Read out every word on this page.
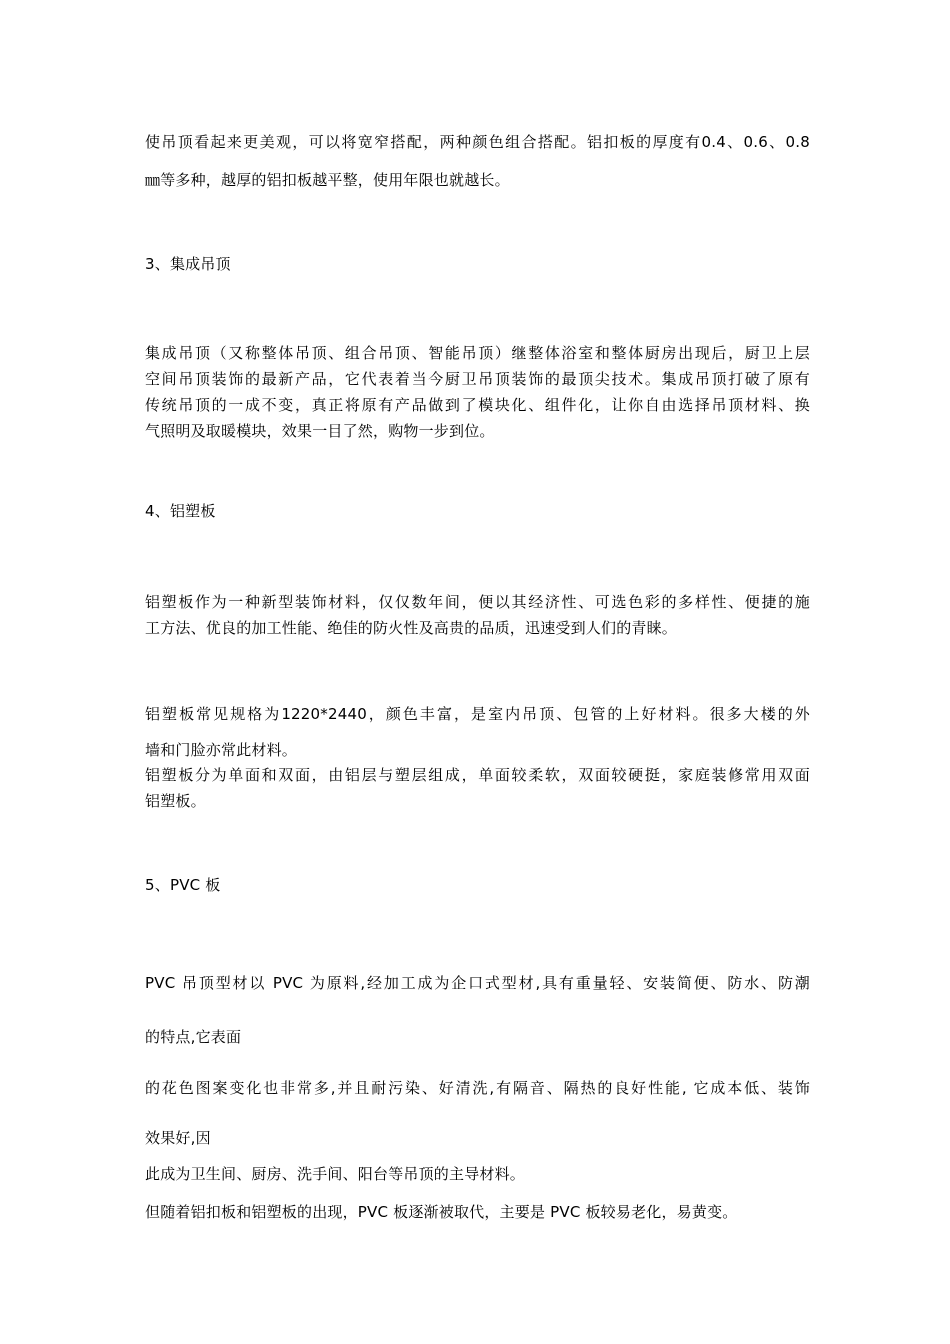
使吊顶看起来更美观，可以将宽窄搭配，两种颜色组合搭配。铝扣板的厚度有0.4、0.6、0.8
㎜等多种，越厚的铝扣板越平整，使用年限也就越长。
3、集成吊顶
集成吊顶（又称整体吊顶、组合吊顶、智能吊顶）继整体浴室和整体厨房出现后，厨卫上层
空间吊顶装饰的最新产品，它代表着当今厨卫吊顶装饰的最顶尖技术。集成吊顶打破了原有
传统吊顶的一成不变，真正将原有产品做到了模块化、组件化，让你自由选择吊顶材料、换
气照明及取暖模块，效果一目了然，购物一步到位。
4、铝塑板
铝塑板作为一种新型装饰材料，仅仅数年间，便以其经济性、可选色彩的多样性、便捷的施
工方法、优良的加工性能、绝佳的防火性及高贵的品质，迅速受到人们的青睐。
铝塑板常见规格为1220*2440，颜色丰富，是室内吊顶、包管的上好材料。很多大楼的外
墙和门脸亦常此材料。
铝塑板分为单面和双面，由铝层与塑层组成，单面较柔软，双面较硬挺，家庭装修常用双面
铝塑板。
5、PVC 板
PVC 吊顶型材以 PVC 为原料,经加工成为企口式型材,具有重量轻、安装简便、防水、防潮
的特点,它表面
的花色图案变化也非常多,并且耐污染、好清洗,有隔音、隔热的良好性能, 它成本低、装饰
效果好,因
此成为卫生间、厨房、洗手间、阳台等吊顶的主导材料。
但随着铝扣板和铝塑板的出现，PVC 板逐渐被取代，主要是 PVC 板较易老化，易黄变。
